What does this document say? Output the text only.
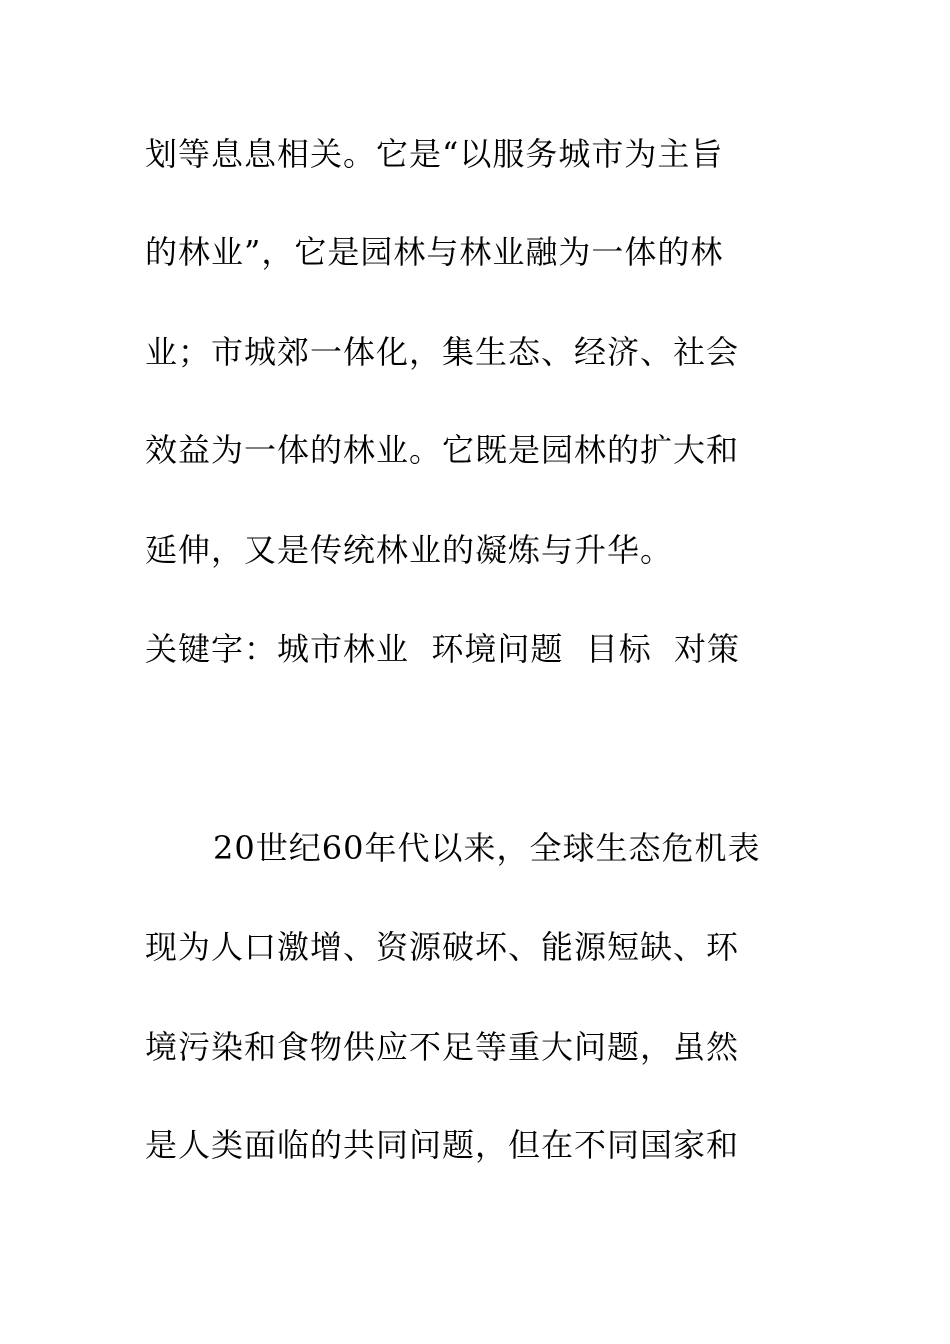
划等息息相关。它是“以服务城市为主旨
的林业”，它是园林与林业融为一体的林
业；市城郊一体化，集生态、经济、社会
效益为一体的林业。它既是园林的扩大和
延伸，又是传统林业的凝炼与升华。
关键字：城市林业  环境问题  目标  对策
20世纪60年代以来，全球生态危机表
现为人口激增、资源破坏、能源短缺、环
境污染和食物供应不足等重大问题，虽然
是人类面临的共同问题，但在不同国家和
